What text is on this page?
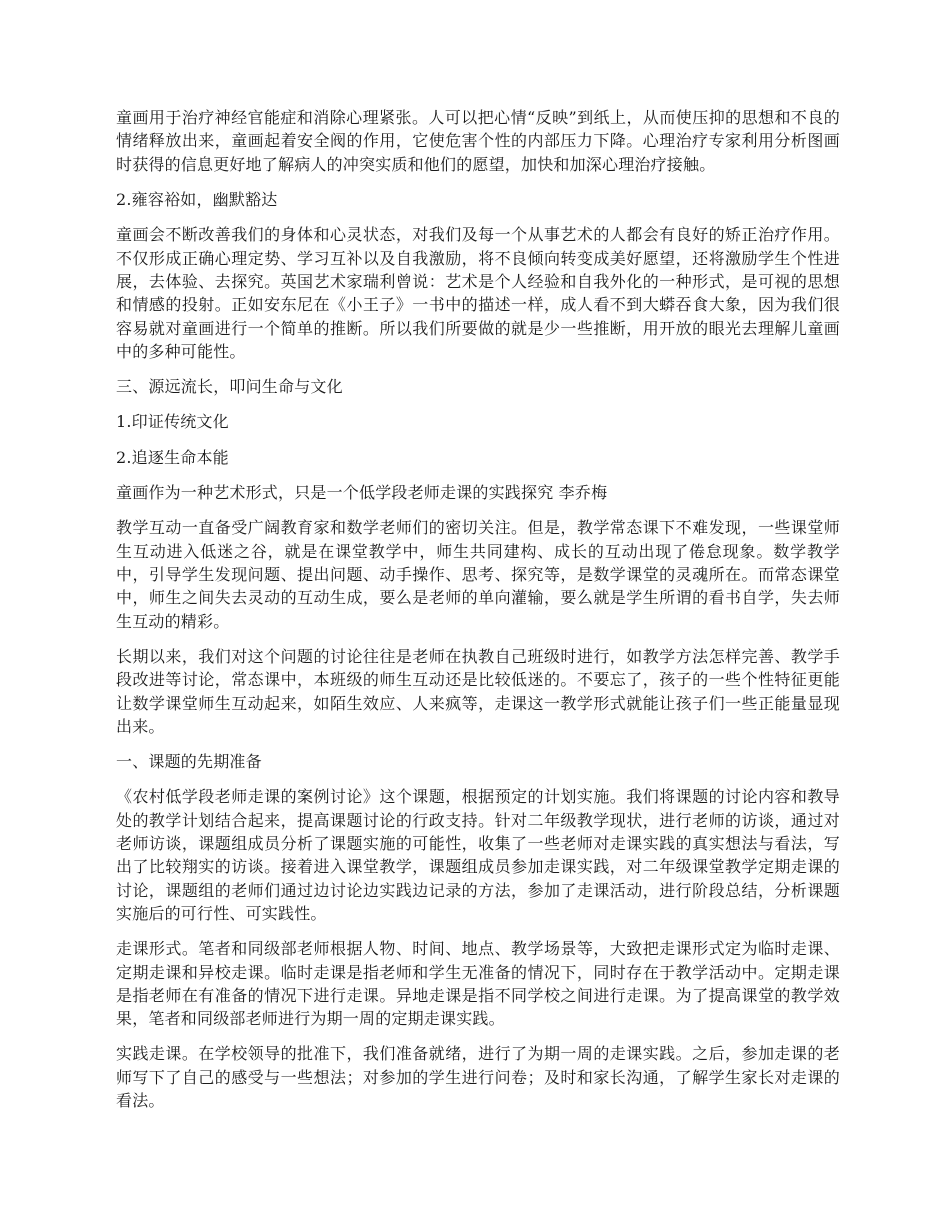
童画用于治疗神经官能症和消除心理紧张。人可以把心情“反映”到纸上，从而使压抑的思想和不良的情绪释放出来，童画起着安全阀的作用，它使危害个性的内部压力下降。心理治疗专家利用分析图画时获得的信息更好地了解病人的冲突实质和他们的愿望，加快和加深心理治疗接触。

2.雍容裕如，幽默豁达

童画会不断改善我们的身体和心灵状态，对我们及每一个从事艺术的人都会有良好的矫正治疗作用。不仅形成正确心理定势、学习互补以及自我激励，将不良倾向转变成美好愿望，还将激励学生个性进展，去体验、去探究。英国艺术家瑞利曾说：艺术是个人经验和自我外化的一种形式，是可视的思想和情感的投射。正如安东尼在《小王子》一书中的描述一样，成人看不到大蟒吞食大象，因为我们很容易就对童画进行一个简单的推断。所以我们所要做的就是少一些推断，用开放的眼光去理解儿童画中的多种可能性。

三、源远流长，叩问生命与文化

1.印证传统文化

2.追逐生命本能

童画作为一种艺术形式，只是一个低学段老师走课的实践探究 李乔梅

教学互动一直备受广阔教育家和数学老师们的密切关注。但是，教学常态课下不难发现，一些课堂师生互动进入低迷之谷，就是在课堂教学中，师生共同建构、成长的互动出现了倦怠现象。数学教学中，引导学生发现问题、提出问题、动手操作、思考、探究等，是数学课堂的灵魂所在。而常态课堂中，师生之间失去灵动的互动生成，要么是老师的单向灌输，要么就是学生所谓的看书自学，失去师生互动的精彩。

长期以来，我们对这个问题的讨论往往是老师在执教自己班级时进行，如教学方法怎样完善、教学手段改进等讨论，常态课中，本班级的师生互动还是比较低迷的。不要忘了，孩子的一些个性特征更能让数学课堂师生互动起来，如陌生效应、人来疯等，走课这一教学形式就能让孩子们一些正能量显现出来。

一、课题的先期准备

《农村低学段老师走课的案例讨论》这个课题，根据预定的计划实施。我们将课题的讨论内容和教导处的教学计划结合起来，提高课题讨论的行政支持。针对二年级教学现状，进行老师的访谈，通过对老师访谈，课题组成员分析了课题实施的可能性，收集了一些老师对走课实践的真实想法与看法，写出了比较翔实的访谈。接着进入课堂教学，课题组成员参加走课实践，对二年级课堂教学定期走课的讨论，课题组的老师们通过边讨论边实践边记录的方法，参加了走课活动，进行阶段总结，分析课题实施后的可行性、可实践性。

走课形式。笔者和同级部老师根据人物、时间、地点、教学场景等，大致把走课形式定为临时走课、定期走课和异校走课。临时走课是指老师和学生无准备的情况下，同时存在于教学活动中。定期走课是指老师在有准备的情况下进行走课。异地走课是指不同学校之间进行走课。为了提高课堂的教学效果，笔者和同级部老师进行为期一周的定期走课实践。

实践走课。在学校领导的批准下，我们准备就绪，进行了为期一周的走课实践。之后，参加走课的老师写下了自己的感受与一些想法；对参加的学生进行问卷；及时和家长沟通，了解学生家长对走课的看法。
